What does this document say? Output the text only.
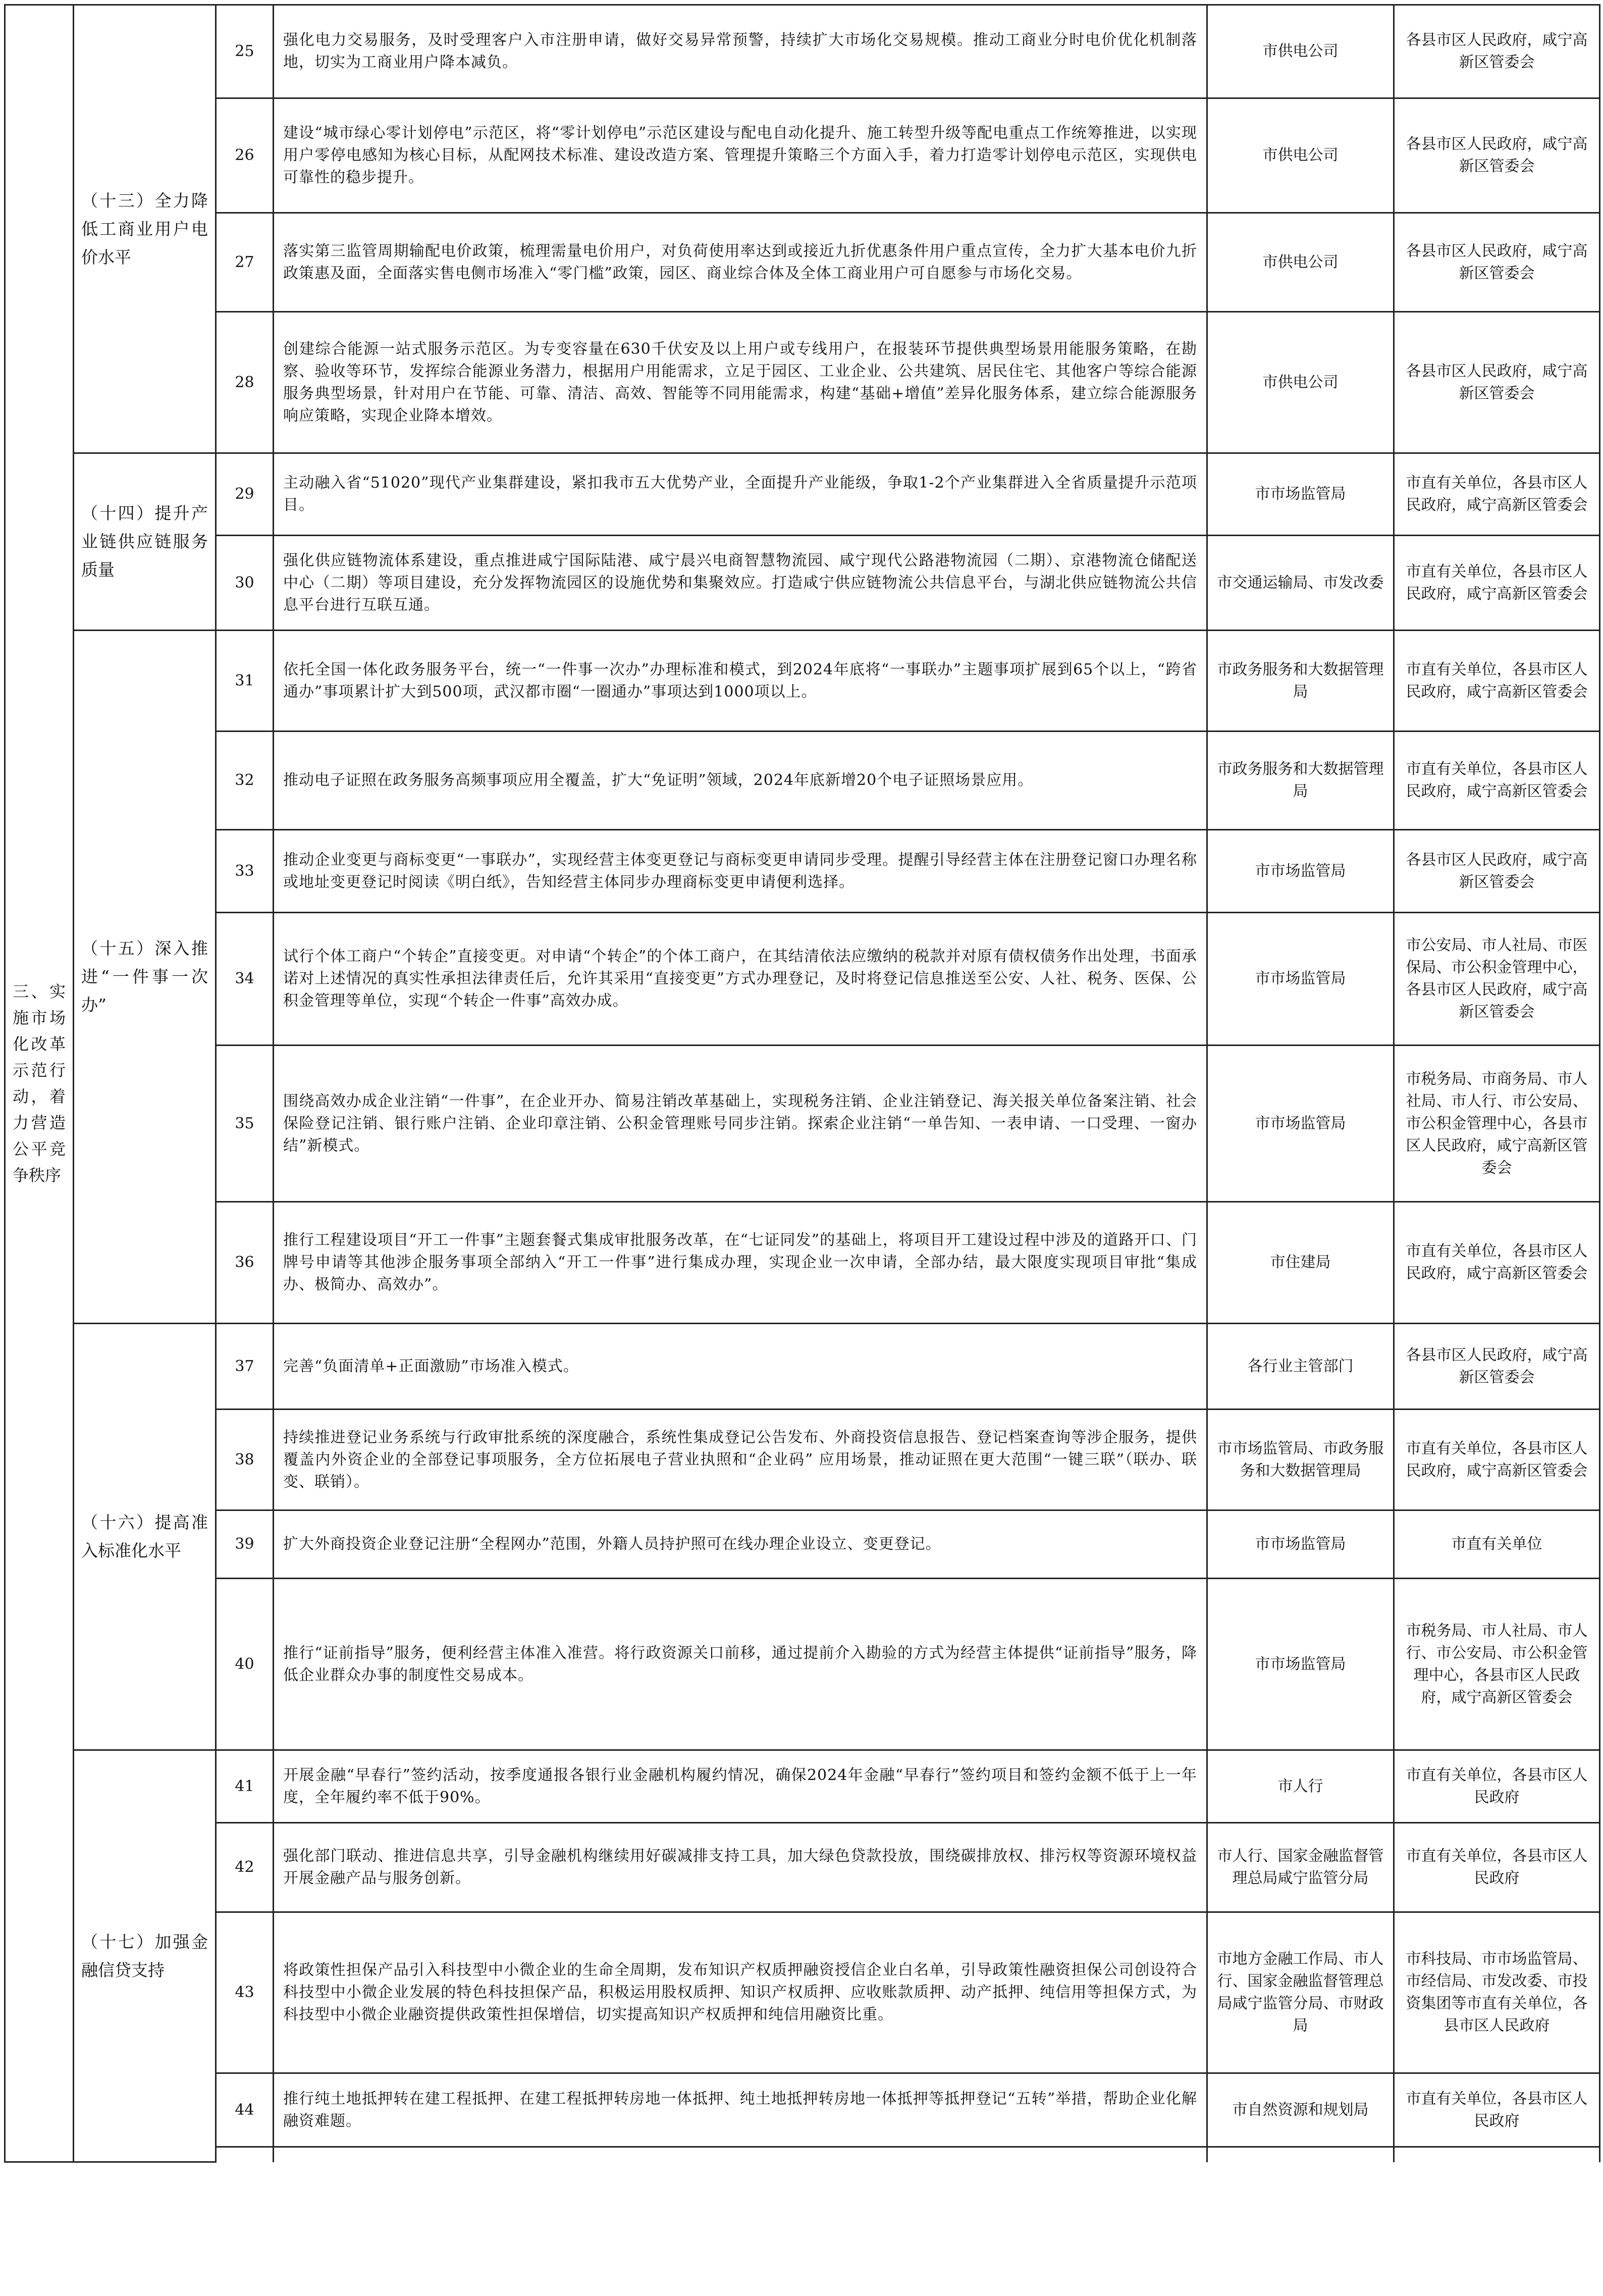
三、实施市场化改革示范行动，着力营造公平竞争秩序	（十三）全力降低工商业用户电价水平	25	强化电力交易服务，及时受理客户入市注册申请，做好交易异常预警，持续扩大市场化交易规模。推动工商业分时电价优化机制落地，切实为工商业用户降本减负。	市供电公司	各县市区人民政府，咸宁高新区管委会	
		26	建设“城市绿心零计划停电”示范区，将“零计划停电”示范区建设与配电自动化提升、施工转型升级等配电重点工作统筹推进，以实现用户零停电感知为核心目标，从配网技术标准、建设改造方案、管理提升策略三个方面入手，着力打造零计划停电示范区，实现供电可靠性的稳步提升。	市供电公司	各县市区人民政府，咸宁高新区管委会	
		27	落实第三监管周期输配电价政策，梳理需量电价用户，对负荷使用率达到或接近九折优惠条件用户重点宣传，全力扩大基本电价九折政策惠及面，全面落实售电侧市场准入“零门槛”政策，园区、商业综合体及全体工商业用户可自愿参与市场化交易。	市供电公司	各县市区人民政府，咸宁高新区管委会	
		28	创建综合能源一站式服务示范区。为专变容量在630千伏安及以上用户或专线用户，在报装环节提供典型场景用能服务策略，在勘察、验收等环节，发挥综合能源业务潜力，根据用户用能需求，立足于园区、工业企业、公共建筑、居民住宅、其他客户等综合能源服务典型场景，针对用户在节能、可靠、清洁、高效、智能等不同用能需求，构建“基础+增值”差异化服务体系，建立综合能源服务响应策略，实现企业降本增效。	市供电公司	各县市区人民政府，咸宁高新区管委会	
	（十四）提升产业链供应链服务质量	29	主动融入省“51020”现代产业集群建设，紧扣我市五大优势产业，全面提升产业能级，争取1-2个产业集群进入全省质量提升示范项目。	市市场监管局	市直有关单位，各县市区人民政府，咸宁高新区管委会	
		30	强化供应链物流体系建设，重点推进咸宁国际陆港、咸宁晨兴电商智慧物流园、咸宁现代公路港物流园（二期）、京港物流仓储配送中心（二期）等项目建设，充分发挥物流园区的设施优势和集聚效应。打造咸宁供应链物流公共信息平台，与湖北供应链物流公共信息平台进行互联互通。	市交通运输局、市发改委	市直有关单位，各县市区人民政府，咸宁高新区管委会	
	（十五）深入推进“一件事一次办”	31	依托全国一体化政务服务平台，统一“一件事一次办”办理标准和模式，到2024年底将“一事联办”主题事项扩展到65个以上，“跨省通办”事项累计扩大到500项，武汉都市圈“一圈通办”事项达到1000项以上。	市政务服务和大数据管理局	市直有关单位，各县市区人民政府，咸宁高新区管委会	
		32	推动电子证照在政务服务高频事项应用全覆盖，扩大“免证明”领域，2024年底新增20个电子证照场景应用。	市政务服务和大数据管理局	市直有关单位，各县市区人民政府，咸宁高新区管委会	
		33	推动企业变更与商标变更“一事联办”，实现经营主体变更登记与商标变更申请同步受理。提醒引导经营主体在注册登记窗口办理名称或地址变更登记时阅读《明白纸》，告知经营主体同步办理商标变更申请便利选择。	市市场监管局	各县市区人民政府，咸宁高新区管委会	
		34	试行个体工商户“个转企”直接变更。对申请“个转企”的个体工商户，在其结清依法应缴纳的税款并对原有债权债务作出处理，书面承诺对上述情况的真实性承担法律责任后，允许其采用“直接变更”方式办理登记，及时将登记信息推送至公安、人社、税务、医保、公积金管理等单位，实现“个转企一件事”高效办成。	市市场监管局	市公安局、市人社局、市医保局、市公积金管理中心，各县市区人民政府，咸宁高新区管委会	
		35	围绕高效办成企业注销“一件事”，在企业开办、简易注销改革基础上，实现税务注销、企业注销登记、海关报关单位备案注销、社会保险登记注销、银行账户注销、企业印章注销、公积金管理账号同步注销。探索企业注销“一单告知、一表申请、一口受理、一窗办结”新模式。	市市场监管局	市税务局、市商务局、市人社局、市人行、市公安局、市公积金管理中心，各县市区人民政府，咸宁高新区管委会	
		36	推行工程建设项目“开工一件事”主题套餐式集成审批服务改革，在“七证同发”的基础上，将项目开工建设过程中涉及的道路开口、门牌号申请等其他涉企服务事项全部纳入“开工一件事”进行集成办理，实现企业一次申请，全部办结，最大限度实现项目审批“集成办、极简办、高效办”。	市住建局	市直有关单位，各县市区人民政府，咸宁高新区管委会	
	（十六）提高准入标准化水平	37	完善“负面清单+正面激励”市场准入模式。	各行业主管部门	各县市区人民政府，咸宁高新区管委会	
		38	持续推进登记业务系统与行政审批系统的深度融合，系统性集成登记公告发布、外商投资信息报告、登记档案查询等涉企服务，提供覆盖内外资企业的全部登记事项服务，全方位拓展电子营业执照和“企业码” 应用场景，推动证照在更大范围“一键三联”（联办、联变、联销）。	市市场监管局、市政务服务和大数据管理局	市直有关单位，各县市区人民政府，咸宁高新区管委会	
		39	扩大外商投资企业登记注册“全程网办”范围，外籍人员持护照可在线办理企业设立、变更登记。	市市场监管局	市直有关单位	
		40	推行“证前指导”服务，便利经营主体准入准营。将行政资源关口前移，通过提前介入勘验的方式为经营主体提供“证前指导”服务，降低企业群众办事的制度性交易成本。	市市场监管局	市税务局、市人社局、市人行、市公安局、市公积金管理中心，各县市区人民政府，咸宁高新区管委会	
	（十七）加强金融信贷支持	41	开展金融“早春行”签约活动，按季度通报各银行业金融机构履约情况，确保2024年金融“早春行”签约项目和签约金额不低于上一年度，全年履约率不低于90%。	市人行	市直有关单位，各县市区人民政府	
		42	强化部门联动、推进信息共享，引导金融机构继续用好碳减排支持工具，加大绿色贷款投放，围绕碳排放权、排污权等资源环境权益开展金融产品与服务创新。	市人行、国家金融监督管理总局咸宁监管分局	市直有关单位，各县市区人民政府	
		43	将政策性担保产品引入科技型中小微企业的生命全周期，发布知识产权质押融资授信企业白名单，引导政策性融资担保公司创设符合科技型中小微企业发展的特色科技担保产品，积极运用股权质押、知识产权质押、应收账款质押、动产抵押、纯信用等担保方式，为科技型中小微企业融资提供政策性担保增信，切实提高知识产权质押和纯信用融资比重。	市地方金融工作局、市人行、国家金融监督管理总局咸宁监管分局、市财政局	市科技局、市市场监管局、市经信局、市发改委、市投资集团等市直有关单位，各县市区人民政府	
		44	推行纯土地抵押转在建工程抵押、在建工程抵押转房地一体抵押、纯土地抵押转房地一体抵押等抵押登记“五转”举措，帮助企业化解融资难题。	市自然资源和规划局	市直有关单位，各县市区人民政府	
